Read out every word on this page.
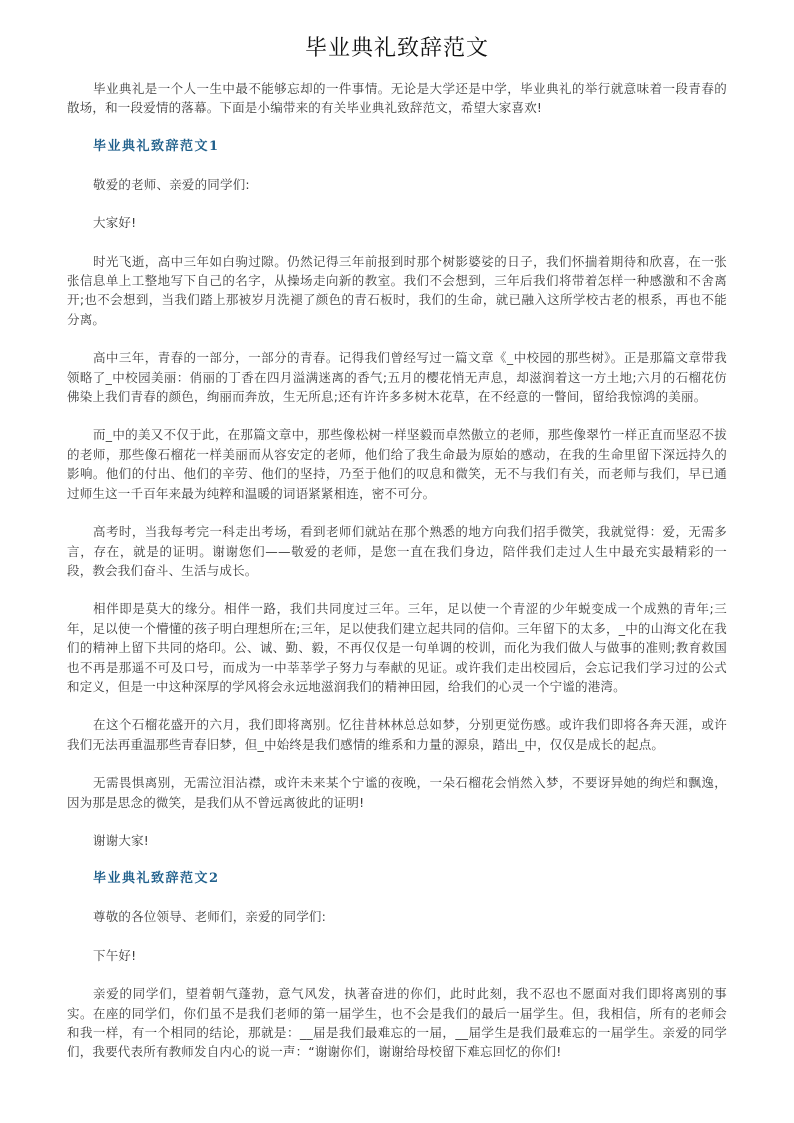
毕业典礼致辞范文

毕业典礼是一个人一生中最不能够忘却的一件事情。无论是大学还是中学，毕业典礼的举行就意味着一段青春的散场，和一段爱情的落幕。下面是小编带来的有关毕业典礼致辞范文，希望大家喜欢!

毕业典礼致辞范文1

敬爱的老师、亲爱的同学们:

大家好!

时光飞逝，高中三年如白驹过隙。仍然记得三年前报到时那个树影婆娑的日子，我们怀揣着期待和欣喜，在一张张信息单上工整地写下自己的名字，从操场走向新的教室。我们不会想到，三年后我们将带着怎样一种感激和不舍离开;也不会想到，当我们踏上那被岁月洗褪了颜色的青石板时，我们的生命，就已融入这所学校古老的根系，再也不能分离。

高中三年，青春的一部分，一部分的青春。记得我们曾经写过一篇文章《_中校园的那些树》。正是那篇文章带我领略了_中校园美丽：俏丽的丁香在四月溢满迷离的香气;五月的樱花悄无声息，却滋润着这一方土地;六月的石榴花仿佛染上我们青春的颜色，绚丽而奔放，生无所息;还有许许多多树木花草，在不经意的一瞥间，留给我惊鸿的美丽。

而_中的美又不仅于此，在那篇文章中，那些像松树一样坚毅而卓然傲立的老师，那些像翠竹一样正直而坚忍不拔的老师，那些像石榴花一样美丽而从容安定的老师，他们给了我生命最为原始的感动，在我的生命里留下深远持久的影响。他们的付出、他们的辛劳、他们的坚持，乃至于他们的叹息和微笑，无不与我们有关，而老师与我们，早已通过师生这一千百年来最为纯粹和温暖的词语紧紧相连，密不可分。

高考时，当我每考完一科走出考场，看到老师们就站在那个熟悉的地方向我们招手微笑，我就觉得：爱，无需多言，存在，就是的证明。谢谢您们——敬爱的老师，是您一直在我们身边，陪伴我们走过人生中最充实最精彩的一段，教会我们奋斗、生活与成长。

相伴即是莫大的缘分。相伴一路，我们共同度过三年。三年，足以使一个青涩的少年蜕变成一个成熟的青年;三年，足以使一个懵懂的孩子明白理想所在;三年，足以使我们建立起共同的信仰。三年留下的太多，_中的山海文化在我们的精神上留下共同的烙印。公、诚、勤、毅，不再仅仅是一句单调的校训，而化为我们做人与做事的准则;教育救国也不再是那遥不可及口号，而成为一中莘莘学子努力与奉献的见证。或许我们走出校园后，会忘记我们学习过的公式和定义，但是一中这种深厚的学风将会永远地滋润我们的精神田园，给我们的心灵一个宁谧的港湾。

在这个石榴花盛开的六月，我们即将离别。忆往昔林林总总如梦，分别更觉伤感。或许我们即将各奔天涯，或许我们无法再重温那些青春旧梦，但_中始终是我们感情的维系和力量的源泉，踏出_中，仅仅是成长的起点。

无需畏惧离别，无需泣泪沾襟，或许未来某个宁谧的夜晚，一朵石榴花会悄然入梦，不要讶异她的绚烂和飘逸，因为那是思念的微笑，是我们从不曾远离彼此的证明!

谢谢大家!

毕业典礼致辞范文2

尊敬的各位领导、老师们，亲爱的同学们:

下午好!

亲爱的同学们，望着朝气蓬勃，意气风发，执著奋进的你们，此时此刻，我不忍也不愿面对我们即将离别的事实。在座的同学们，你们虽不是我们老师的第一届学生，也不会是我们的最后一届学生。但，我相信，所有的老师会和我一样，有一个相同的结论，那就是：__届是我们最难忘的一届，__届学生是我们最难忘的一届学生。亲爱的同学们，我要代表所有教师发自内心的说一声：“谢谢你们，谢谢给母校留下难忘回忆的你们!
